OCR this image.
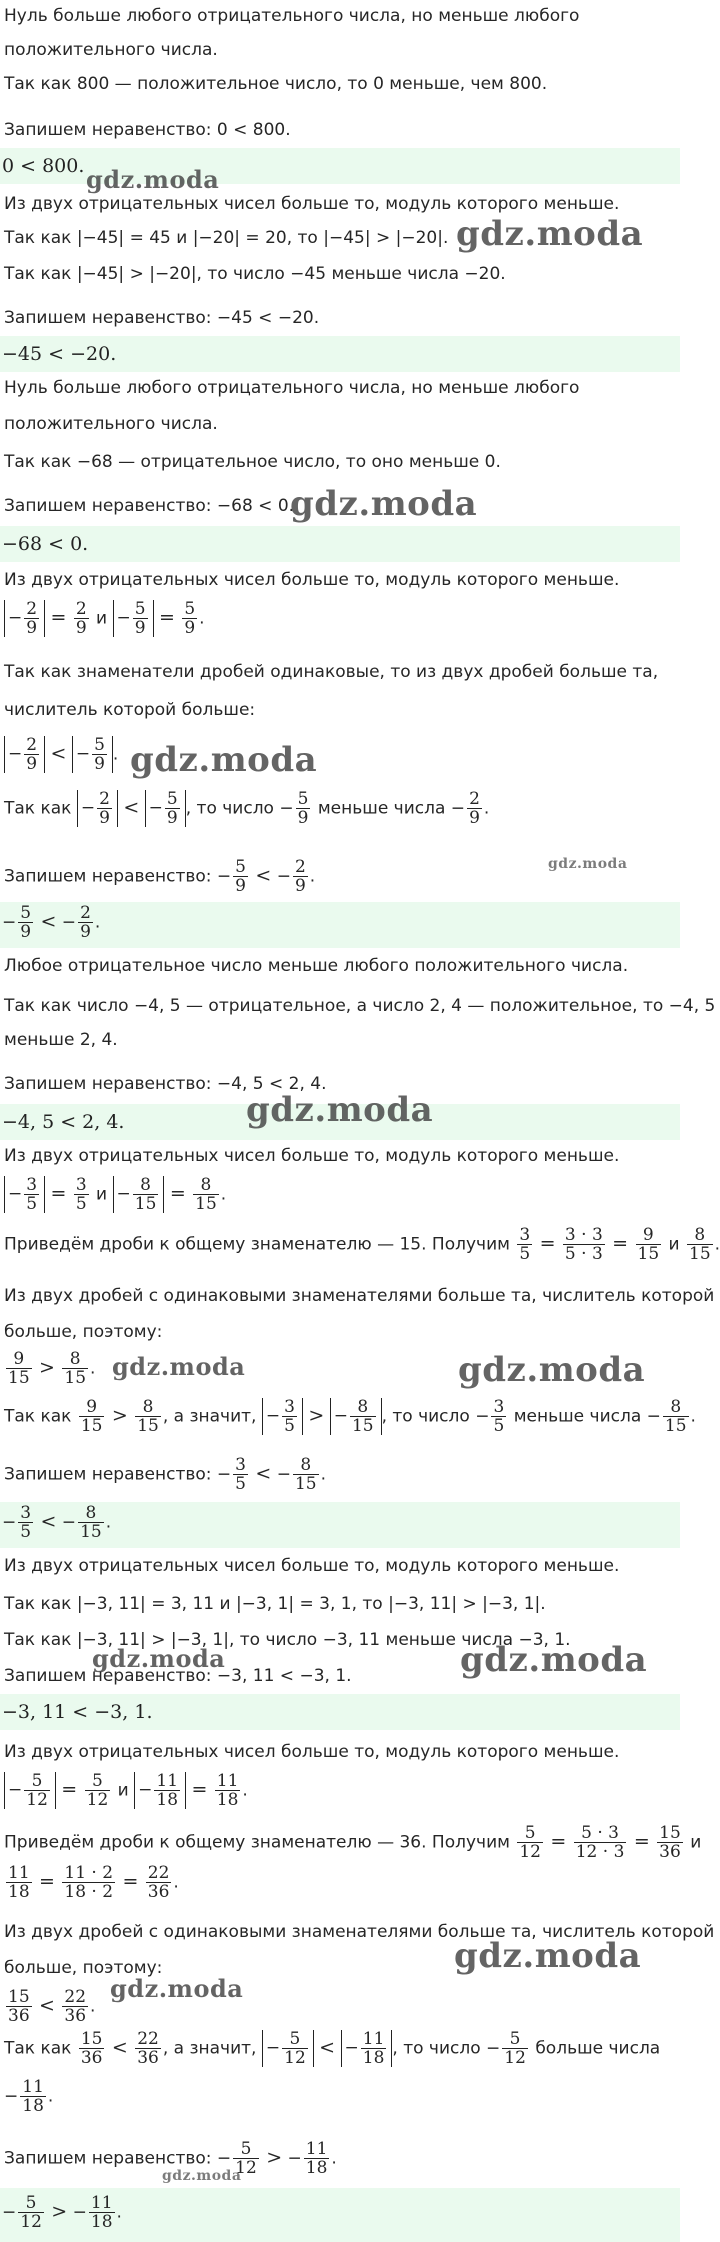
Нуль больше любого отрицательного числа, но меньше любого
положительного числа.
Так как 800 — положительное число, то 0 меньше, чем 800.
Запишем неравенство: 0 < 800.
0 < 800. gdz.moda
Из двух отрицательных чисел больше то, модуль которого меньше.
Так как |−45| = 45 и |−20| = 20, то |−45| > |−20|. gdz.moda
Так как |−45| > |−20|, то число −45 меньше числа −20.
Запишем неравенство: −45 < −20.
−45 < −20.
Нуль больше любого отрицательного числа, но меньше любого
положительного числа.
Так как −68 — отрицательное число, то оно меньше 0.
Запишем неравенство: −68 < 0.
gdz.moda
−68 < 0.
Из двух отрицательных чисел больше то, модуль которого меньше.
− $\frac{2}{9} = \frac{2}{9}$ $и - \frac{5}{9} = \frac{5}{9}$ .
Так как знаменатели дробей одинаковые, то из двух дробей больше та,
числитель которой больше:
− $\frac{2}{9}$ < − $\frac{5}{9}$ . gdz.moda
Так как − $\frac{2}{9}$ < − $\frac{5}{9}$ , то число − $\frac{5}{9}$ меньше числа − $\frac{2}{9}$ .
gdz.moda
Запишем неравенство: − $\frac{5}{9}$ < − $\frac{2}{9}$ .
− $\frac{5}{9}$ < − $\frac{2}{9}$ .
Любое отрицательное число меньше любого положительного числа.
Так как число −4, 5 — отрицательное, а число 2, 4 — положительное, то −4, 5
меньше 2, 4.
Запишем неравенство: −4, 5 < 2, 4.
−4, 5 < 2, 4.	gdz.moda
Из двух отрицательных чисел больше то, модуль которого меньше.
− $\frac{3}{5} = \frac{3}{5}$ $и - \frac{8}{15} = \frac{8}{15}$ .
Приведём дроби к общему знаменателю — 15. Получим $\frac{3}{5} = \frac{3 \cdot 3}{5 \cdot 3} = \frac{9}{15}$ и $\frac{8}{15}$ .
Из двух дробей с одинаковыми знаменателями больше та, числитель которой
больше, поэтому:
$\frac{9}{15} > \frac{8}{15}$ . gdz.moda	gdz.moda
Так как $\frac{9}{15} > \frac{8}{15}$ , а значит, − $\frac{3}{5}$ > − $\frac{8}{15}$ , то число − $\frac{3}{5}$ меньше числа − $\frac{8}{15}$ .
Запишем неравенство: − $\frac{3}{5}$ < − $\frac{8}{15}$ .
− $\frac{3}{5}$ < − $\frac{8}{15}$ .
Из двух отрицательных чисел больше то, модуль которого меньше.
Так как |−3, 11| = 3, 11 и |−3, 1| = 3, 1, то |−3, 11| > |−3, 1|.
Так как |−3, 11| > |−3, 1|, то число −3, 11 меньше числа −3, 1.
gdz.moda	gdz.moda
Запишем неравенство: −3, 11 < −3, 1.
−3, 11 < −3, 1.
Из двух отрицательных чисел больше то, модуль которого меньше.
− $\frac{5}{12} = \frac{5}{12}$ $и - \frac{11}{18} = \frac{11}{18}$ .
Приведём дроби к общему знаменателю — 36. Получим $\frac{5}{12} = \frac{5 \cdot 3}{12 \cdot 3} = \frac{15}{36}$ и
$\frac{11}{18} = \frac{11 \cdot 2}{18 \cdot 2} = \frac{22}{36}$ .
Из двух дробей с одинаковыми знаменателями больше та, числитель которой
gdz.moda
больше, поэтому:
$\frac{15}{36} < \frac{22}{36}$ .
gdz.moda
Так как $\frac{15}{36} < \frac{22}{36}$ , а значит, − $\frac{5}{12}$ < − $\frac{11}{18}$ , то число − $\frac{5}{12}$ больше числа
− $\frac{11}{18}$ .
Запишем неравенство: − $\frac{5}{12}$ > − $\frac{11}{18}$ .
gdz.moda
− $\frac{5}{12}$ > − $\frac{11}{18}$ .
